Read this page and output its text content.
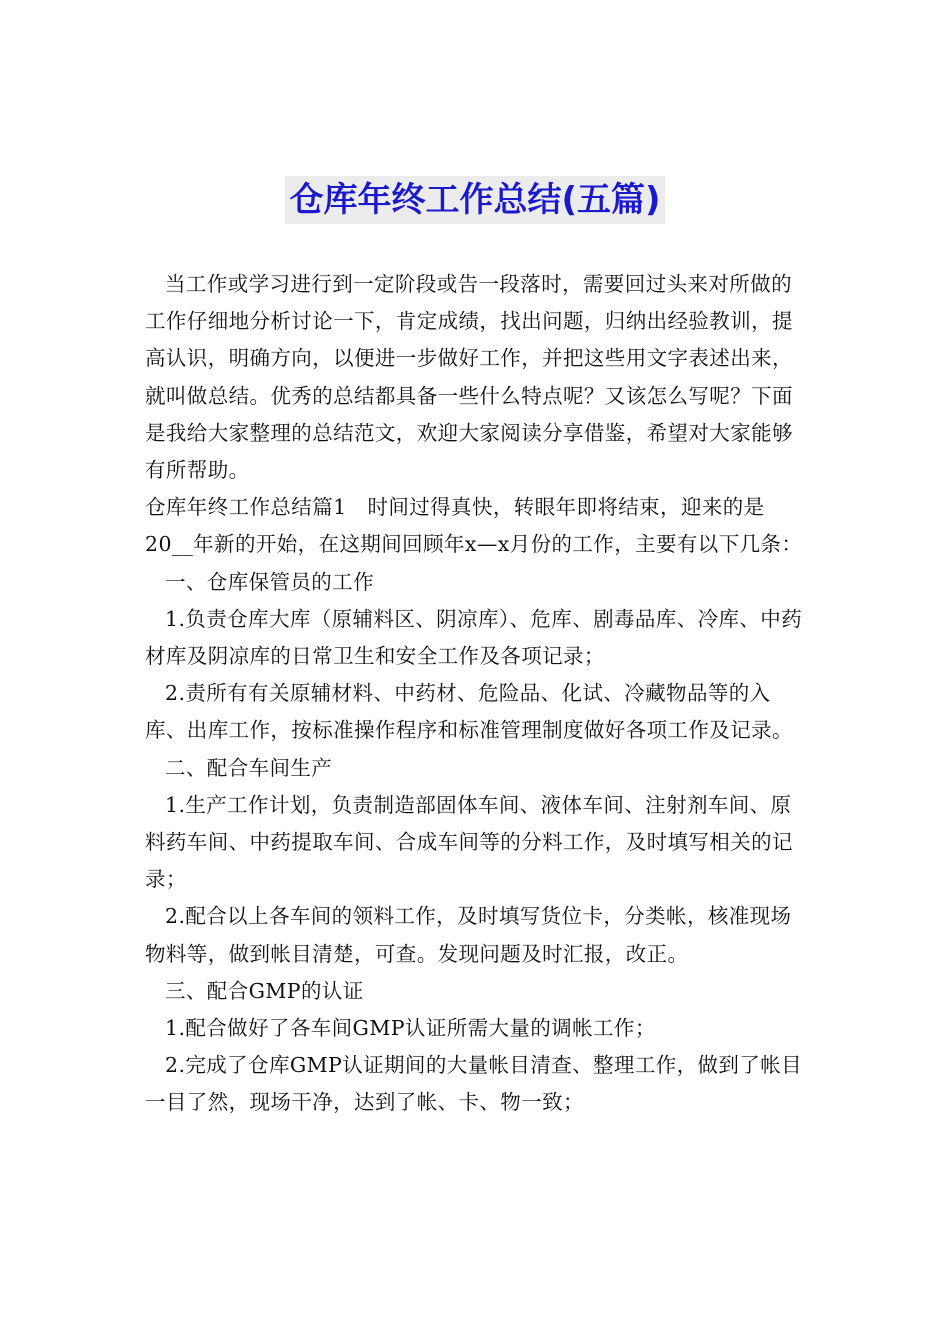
仓库年终工作总结(五篇)

当工作或学习进行到一定阶段或告一段落时，需要回过头来对所做的工作仔细地分析讨论一下，肯定成绩，找出问题，归纳出经验教训，提高认识，明确方向，以便进一步做好工作，并把这些用文字表述出来，就叫做总结。优秀的总结都具备一些什么特点呢？又该怎么写呢？下面是我给大家整理的总结范文，欢迎大家阅读分享借鉴，希望对大家能够有所帮助。

仓库年终工作总结篇1　时间过得真快，转眼年即将结束，迎来的是20__年新的开始，在这期间回顾年x—x月份的工作，主要有以下几条：

一、仓库保管员的工作

1.负责仓库大库（原辅料区、阴凉库）、危库、剧毒品库、冷库、中药材库及阴凉库的日常卫生和安全工作及各项记录；

2.责所有有关原辅材料、中药材、危险品、化试、冷藏物品等的入库、出库工作，按标准操作程序和标准管理制度做好各项工作及记录。

二、配合车间生产

1.生产工作计划，负责制造部固体车间、液体车间、注射剂车间、原料药车间、中药提取车间、合成车间等的分料工作，及时填写相关的记录；

2.配合以上各车间的领料工作，及时填写货位卡，分类帐，核准现场物料等，做到帐目清楚，可查。发现问题及时汇报，改正。

三、配合GMP的认证

1.配合做好了各车间GMP认证所需大量的调帐工作；

2.完成了仓库GMP认证期间的大量帐目清查、整理工作，做到了帐目一目了然，现场干净，达到了帐、卡、物一致；
